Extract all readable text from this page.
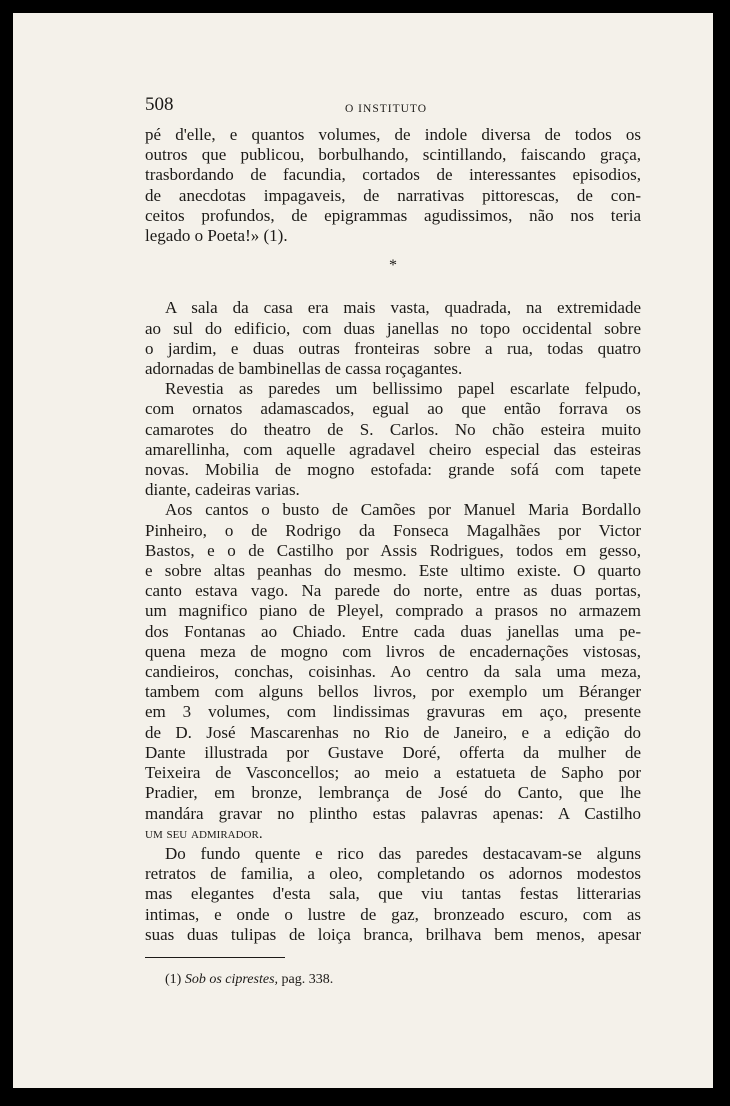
508	O INSTITUTO
pé d'elle, e quantos volumes, de indole diversa de todos os
outros que publicou, borbulhando, scintillando, faiscando graça,
trasbordando de facundia, cortados de interessantes episodios,
de anecdotas impagaveis, de narrativas pittorescas, de con-
ceitos profundos, de epigrammas agudissimos, não nos teria
legado o Poeta!» (1).
*
A sala da casa era mais vasta, quadrada, na extremidade
ao sul do edificio, com duas janellas no topo occidental sobre
o jardim, e duas outras fronteiras sobre a rua, todas quatro
adornadas de bambinellas de cassa roçagantes.
Revestia as paredes um bellissimo papel escarlate felpudo,
com ornatos adamascados, egual ao que então forrava os
camarotes do theatro de S. Carlos. No chão esteira muito
amarellinha, com aquelle agradavel cheiro especial das esteiras
novas. Mobilia de mogno estofada: grande sofá com tapete
diante, cadeiras varias.
Aos cantos o busto de Camões por Manuel Maria Bordallo
Pinheiro, o de Rodrigo da Fonseca Magalhães por Victor
Bastos, e o de Castilho por Assis Rodrigues, todos em gesso,
e sobre altas peanhas do mesmo. Este ultimo existe. O quarto
canto estava vago. Na parede do norte, entre as duas portas,
um magnifico piano de Pleyel, comprado a prasos no armazem
dos Fontanas ao Chiado. Entre cada duas janellas uma pe-
quena meza de mogno com livros de encadernações vistosas,
candieiros, conchas, coisinhas. Ao centro da sala uma meza,
tambem com alguns bellos livros, por exemplo um Béranger
em 3 volumes, com lindissimas gravuras em aço, presente
de D. José Mascarenhas no Rio de Janeiro, e a edição do
Dante illustrada por Gustave Doré, offerta da mulher de
Teixeira de Vasconcellos; ao meio a estatueta de Sapho por
Pradier, em bronze, lembrança de José do Canto, que lhe
mandára gravar no plintho estas palavras apenas: A Castilho
um seu admirador.
Do fundo quente e rico das paredes destacavam-se alguns
retratos de familia, a oleo, completando os adornos modestos
mas elegantes d'esta sala, que viu tantas festas litterarias
intimas, e onde o lustre de gaz, bronzeado escuro, com as
suas duas tulipas de loiça branca, brilhava bem menos, apesar
(1) Sob os ciprestes, pag. 338.
